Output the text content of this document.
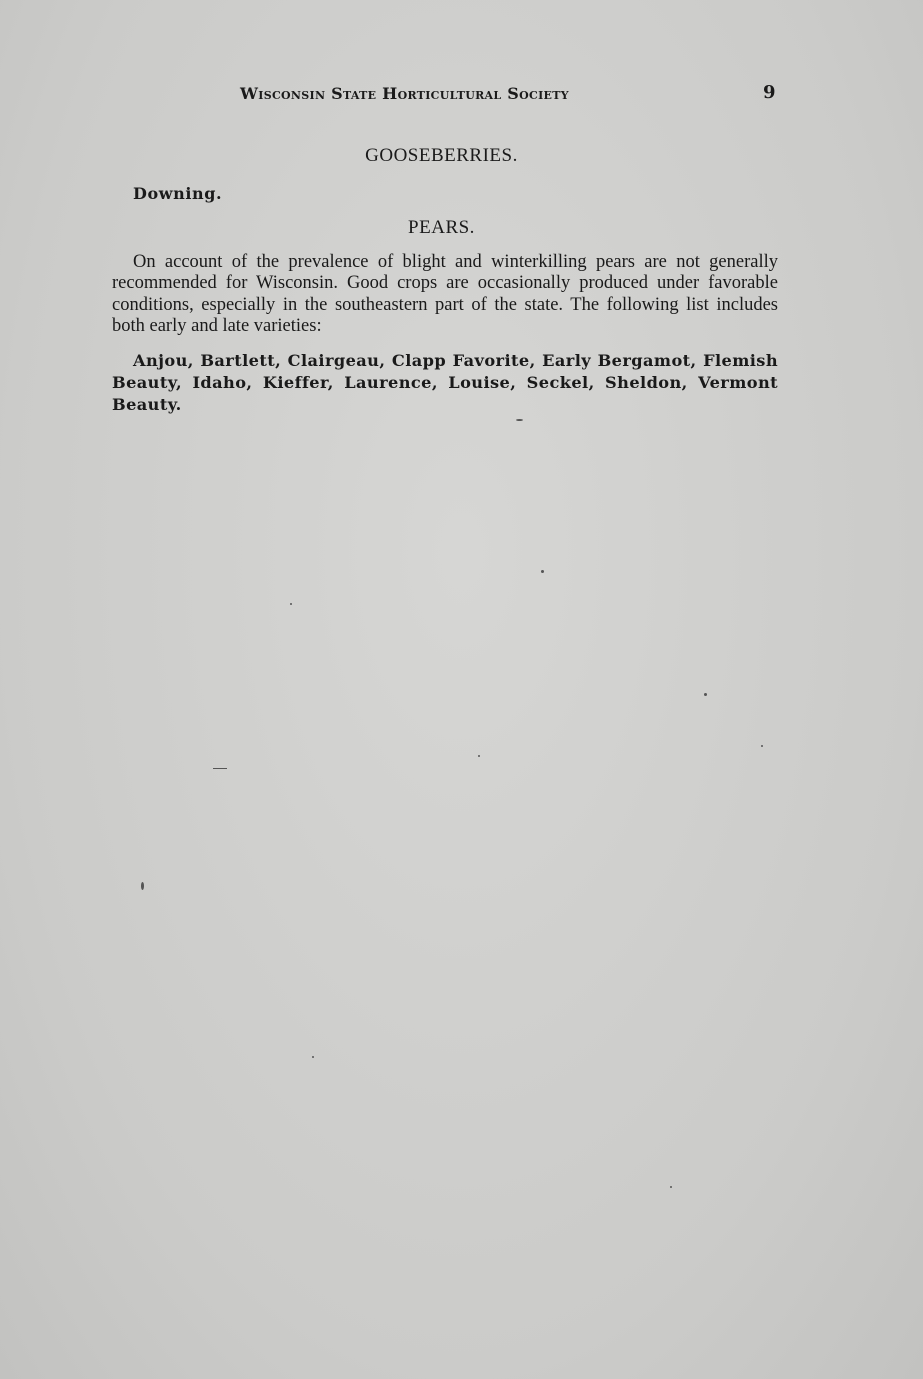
Wisconsin State Horticultural Society	9
GOOSEBERRIES.
Downing.
PEARS.

On account of the prevalence of blight and winterkilling pears are not generally recommended for Wisconsin. Good crops are occasionally produced under favorable conditions, especially in the southeastern part of the state. The following list includes both early and late varieties:

Anjou, Bartlett, Clairgeau, Clapp Favorite, Early Bergamot, Flemish Beauty, Idaho, Kieffer, Laurence, Louise, Seckel, Sheldon, Vermont Beauty.
